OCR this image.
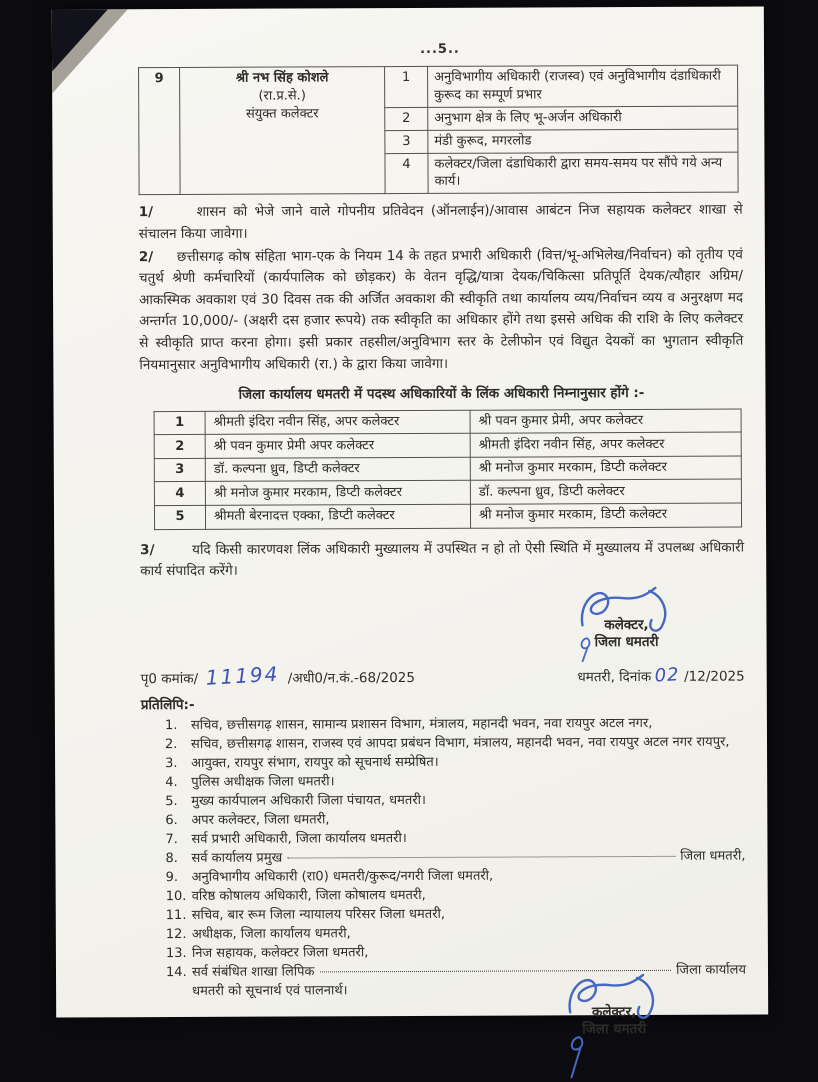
...5..
9	श्री नभ सिंह कोशले
(रा.प्र.से.)
संयुक्त कलेक्टर	1	अनुविभागीय अधिकारी (राजस्व) एवं अनुविभागीय दंडाधिकारी कुरूद का सम्पूर्ण प्रभार
		2	अनुभाग क्षेत्र के लिए भू-अर्जन अधिकारी
		3	मंडी कुरूद, मगरलोड
		4	कलेक्टर/जिला दंडाधिकारी द्वारा समय-समय पर सौंपे गये अन्य कार्य।

1/	शासन को भेजे जाने वाले गोपनीय प्रतिवेदन (ऑनलाईन)/आवास आबंटन निज सहायक कलेक्टर शाखा से संचालन किया जावेगा।

2/ छत्तीसगढ़ कोष संहिता भाग-एक के नियम 14 के तहत प्रभारी अधिकारी (वित्त/भू-अभिलेख/निर्वाचन) को तृतीय एवं चतुर्थ श्रेणी कर्मचारियों (कार्यपालिक को छोड़कर) के वेतन वृद्धि/यात्रा देयक/चिकित्सा प्रतिपूर्ति देयक/त्यौहार अग्रिम/आकस्मिक अवकाश एवं 30 दिवस तक की अर्जित अवकाश की स्वीकृति तथा कार्यालय व्यय/निर्वाचन व्यय व अनुरक्षण मद अन्तर्गत 10,000/- (अक्षरी दस हजार रूपये) तक स्वीकृति का अधिकार होंगे तथा इससे अधिक की राशि के लिए कलेक्टर से स्वीकृति प्राप्त करना होगा। इसी प्रकार तहसील/अनुविभाग स्तर के टेलीफोन एवं विद्युत देयकों का भुगतान स्वीकृति नियमानुसार अनुविभागीय अधिकारी (रा.) के द्वारा किया जावेगा।

जिला कार्यालय धमतरी में पदस्थ अधिकारियों के लिंक अधिकारी निम्नानुसार होंगे :-
1	श्रीमती इंदिरा नवीन सिंह, अपर कलेक्टर	श्री पवन कुमार प्रेमी, अपर कलेक्टर
2	श्री पवन कुमार प्रेमी अपर कलेक्टर	श्रीमती इंदिरा नवीन सिंह, अपर कलेक्टर
3	डॉ. कल्पना ध्रुव, डिप्टी कलेक्टर	श्री मनोज कुमार मरकाम, डिप्टी कलेक्टर
4	श्री मनोज कुमार मरकाम, डिप्टी कलेक्टर	डॉ. कल्पना ध्रुव, डिप्टी कलेक्टर
5	श्रीमती बेरनादत्त एक्का, डिप्टी कलेक्टर	श्री मनोज कुमार मरकाम, डिप्टी कलेक्टर

3/	यदि किसी कारणवश लिंक अधिकारी मुख्यालय में उपस्थित न हो तो ऐसी स्थिति में मुख्यालय में उपलब्ध अधिकारी कार्य संपादित करेंगे।

कलेक्टर,
जिला धमतरी
पृ0 कमांक/ 11194 /अधी0/न.कं.-68/2025	धमतरी, दिनांक 02 /12/2025
प्रतिलिपि:-
1.	सचिव, छत्तीसगढ़ शासन, सामान्य प्रशासन विभाग, मंत्रालय, महानदी भवन, नवा रायपुर अटल नगर,
2.	सचिव, छत्तीसगढ़ शासन, राजस्व एवं आपदा प्रबंधन विभाग, मंत्रालय, महानदी भवन, नवा रायपुर अटल नगर रायपुर,
3.	आयुक्त, रायपुर संभाग, रायपुर को सूचनार्थ सम्प्रेषित।
4.	पुलिस अधीक्षक जिला धमतरी।
5.	मुख्य कार्यपालन अधिकारी जिला पंचायत, धमतरी।
6.	अपर कलेक्टर, जिला धमतरी,
7.	सर्व प्रभारी अधिकारी, जिला कार्यालय धमतरी।
8.	सर्व कार्यालय प्रमुख	जिला धमतरी,
9.	अनुविभागीय अधिकारी (रा0) धमतरी/कुरूद/नगरी जिला धमतरी,
10. वरिष्ठ कोषालय अधिकारी, जिला कोषालय धमतरी,
11. सचिव, बार रूम जिला न्यायालय परिसर जिला धमतरी,
12. अधीक्षक, जिला कार्यालय धमतरी,
13. निज सहायक, कलेक्टर जिला धमतरी,
14. सर्व संबंधित शाखा लिपिक	जिला कार्यालय
धमतरी को सूचनार्थ एवं पालनार्थ।
कलेक्टर,
जिला धमतरी
